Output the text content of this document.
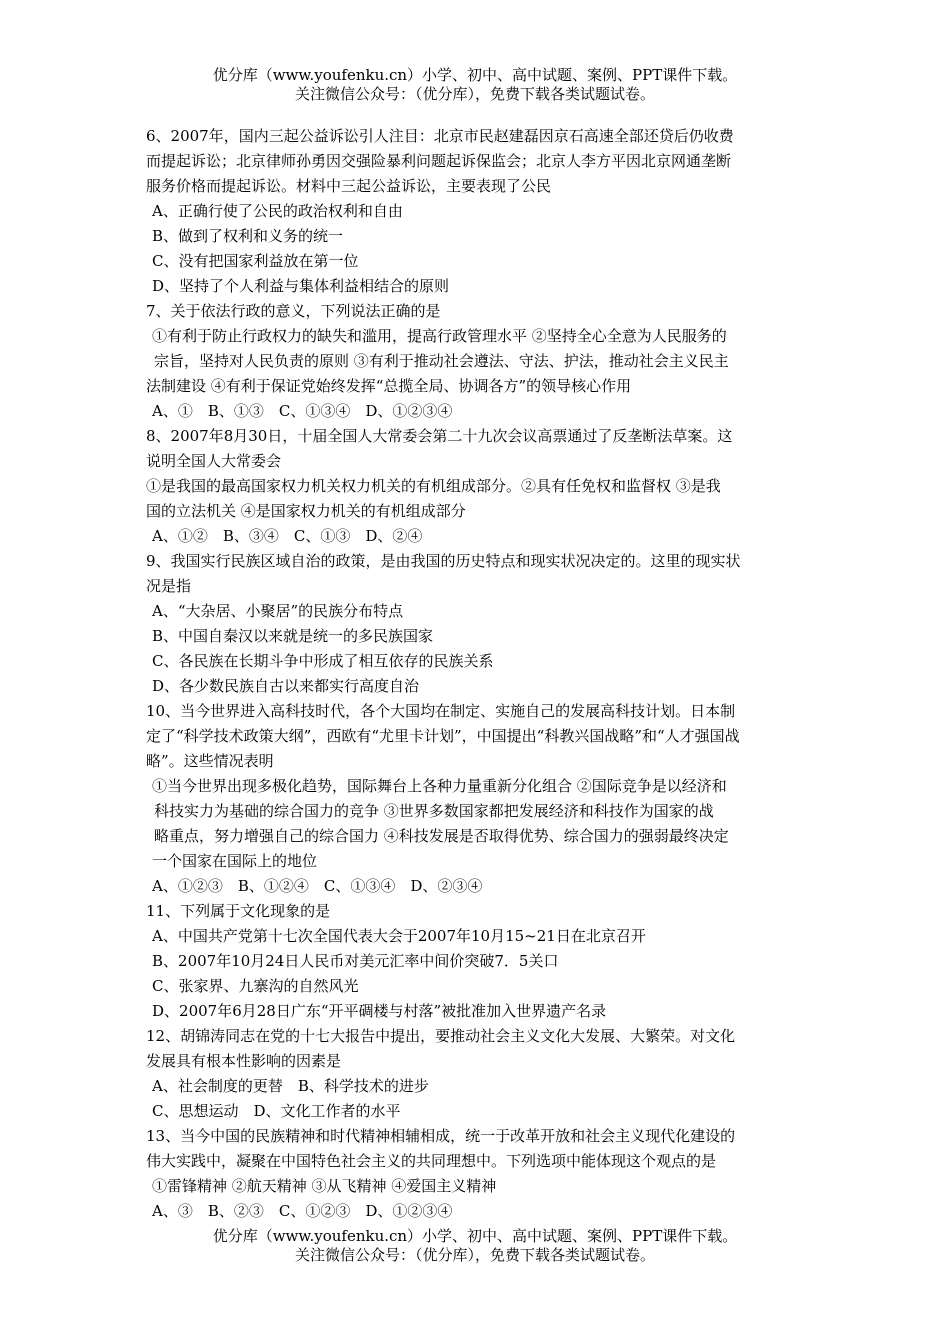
优分库（www.youfenku.cn）小学、初中、高中试题、案例、PPT课件下载。
关注微信公众号：（优分库），免费下载各类试题试卷。
6、2007年，国内三起公益诉讼引人注目：北京市民赵建磊因京石高速全部还贷后仍收费
而提起诉讼；北京律师孙勇因交强险暴利问题起诉保监会；北京人李方平因北京网通垄断
服务价格而提起诉讼。材料中三起公益诉讼，主要表现了公民
A、正确行使了公民的政治权利和自由
B、做到了权利和义务的统一
C、没有把国家利益放在第一位
D、坚持了个人利益与集体利益相结合的原则
7、关于依法行政的意义，下列说法正确的是
①有利于防止行政权力的缺失和滥用，提高行政管理水平 ②坚持全心全意为人民服务的
宗旨，坚持对人民负责的原则 ③有利于推动社会遵法、守法、护法，推动社会主义民主
法制建设 ④有利于保证党始终发挥“总揽全局、协调各方”的领导核心作用
A、①　B、①③　C、①③④　D、①②③④
8、2007年8月30日，十届全国人大常委会第二十九次会议高票通过了反垄断法草案。这
说明全国人大常委会
①是我国的最高国家权力机关权力机关的有机组成部分。②具有任免权和监督权 ③是我
国的立法机关 ④是国家权力机关的有机组成部分
A、①②　B、③④　C、①③　D、②④
9、我国实行民族区域自治的政策，是由我国的历史特点和现实状况决定的。这里的现实状
况是指
A、“大杂居、小聚居”的民族分布特点
B、中国自秦汉以来就是统一的多民族国家
C、各民族在长期斗争中形成了相互依存的民族关系
D、各少数民族自古以来都实行高度自治
10、当今世界进入高科技时代，各个大国均在制定、实施自己的发展高科技计划。日本制
定了“科学技术政策大纲”，西欧有“尤里卡计划”，中国提出“科教兴国战略”和“人才强国战
略”。这些情况表明
①当今世界出现多极化趋势，国际舞台上各种力量重新分化组合 ②国际竞争是以经济和
科技实力为基础的综合国力的竞争 ③世界多数国家都把发展经济和科技作为国家的战
略重点，努力增强自己的综合国力 ④科技发展是否取得优势、综合国力的强弱最终决定
一个国家在国际上的地位
A、①②③　B、①②④　C、①③④　D、②③④
11、下列属于文化现象的是
A、中国共产党第十七次全国代表大会于2007年10月15~21日在北京召开
B、2007年10月24日人民币对美元汇率中间价突破7．5关口
C、张家界、九寨沟的自然风光
D、2007年6月28日广东“开平碉楼与村落”被批准加入世界遗产名录
12、胡锦涛同志在党的十七大报告中提出，要推动社会主义文化大发展、大繁荣。对文化
发展具有根本性影响的因素是
A、社会制度的更替　B、科学技术的进步
C、思想运动　D、文化工作者的水平
13、当今中国的民族精神和时代精神相辅相成，统一于改革开放和社会主义现代化建设的
伟大实践中，凝聚在中国特色社会主义的共同理想中。下列选项中能体现这个观点的是
①雷锋精神 ②航天精神 ③从飞精神 ④爱国主义精神
A、③　B、②③　C、①②③　D、①②③④
优分库（www.youfenku.cn）小学、初中、高中试题、案例、PPT课件下载。
关注微信公众号：（优分库），免费下载各类试题试卷。
